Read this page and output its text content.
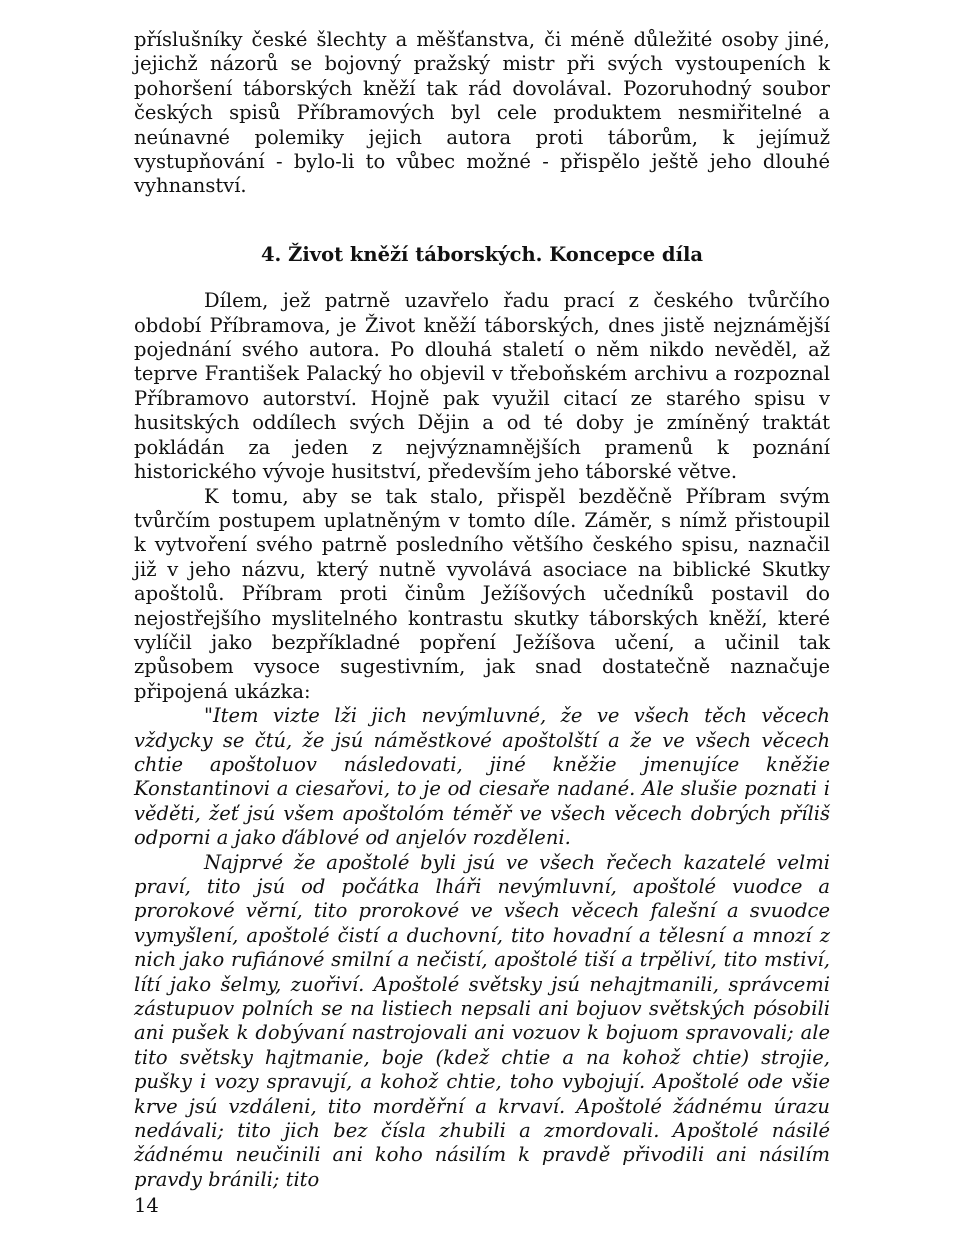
příslušníky české šlechty a měšťanstva, či méně důležité osoby jiné, jejichž názorů se bojovný pražský mistr při svých vystoupeních k pohoršení táborských kněží tak rád dovolával. Pozoruhodný soubor českých spisů Příbramových byl cele produktem nesmiřitelné a neúnavné polemiky jejich autora proti táborům, k jejímuž vystupňování - bylo-li to vůbec možné - přispělo ještě jeho dlouhé vyhnanství.

4. Život kněží táborských. Koncepce díla

Dílem, jež patrně uzavřelo řadu prací z českého tvůrčího období Příbramova, je Život kněží táborských, dnes jistě nejznámější pojednání svého autora. Po dlouhá staletí o něm nikdo nevěděl, až teprve František Palacký ho objevil v třeboňském archivu a rozpoznal Příbramovo autorství. Hojně pak využil citací ze starého spisu v husitských oddílech svých Dějin a od té doby je zmíněný traktát pokládán za jeden z nejvýznamnějších pramenů k poznání historického vývoje husitství, především jeho táborské větve.

K tomu, aby se tak stalo, přispěl bezděčně Příbram svým tvůrčím postupem uplatněným v tomto díle. Záměr, s nímž přistoupil k vytvoření svého patrně posledního většího českého spisu, naznačil již v jeho názvu, který nutně vyvolává asociace na biblické Skutky apoštolů. Příbram proti činům Ježíšových učedníků postavil do nejostřejšího myslitelného kontrastu skutky táborských kněží, které vylíčil jako bezpříkladné popření Ježíšova učení, a učinil tak způsobem vysoce sugestivním, jak snad dostatečně naznačuje připojená ukázka:

"Item vizte lži jich nevýmluvné, že ve všech těch věcech vždycky se čtú, že jsú náměstkové apoštolští a že ve všech věcech chtie apoštoluov následovati, jiné kněžie jmenujíce kněžie Konstantinovi a ciesařovi, to je od ciesaře nadané. Ale slušie poznati i věděti, žeť jsú všem apoštolóm téměř ve všech věcech dobrých příliš odporni a jako ďáblové od anjelóv rozděleni.

Najprvé že apoštolé byli jsú ve všech řečech kazatelé velmi praví, tito jsú od počátka lháři nevýmluvní, apoštolé vuodce a prorokové věrní, tito prorokové ve všech věcech falešní a svuodce vymyšlení, apoštolé čistí a duchovní, tito hovadní a tělesní a mnozí z nich jako rufiánové smilní a nečistí, apoštolé tiší a trpěliví, tito mstiví, lítí jako šelmy, zuořiví. Apoštolé světsky jsú nehajtmanili, správcemi zástupuov polních se na listiech nepsali ani bojuov světských pósobili ani pušek k dobývaní nastrojovali ani vozuov k bojuom spravovali; ale tito světsky hajtmanie, boje (kdež chtie a na kohož chtie) strojie, pušky i vozy spravují, a kohož chtie, toho vybojují. Apoštolé ode všie krve jsú vzdáleni, tito morděřní a krvaví. Apoštolé žádnému úrazu nedávali; tito jich bez čísla zhubili a zmordovali. Apoštolé násilé žádnému neučinili ani koho násilím k pravdě přivodili ani násilím pravdy bránili; tito

14
